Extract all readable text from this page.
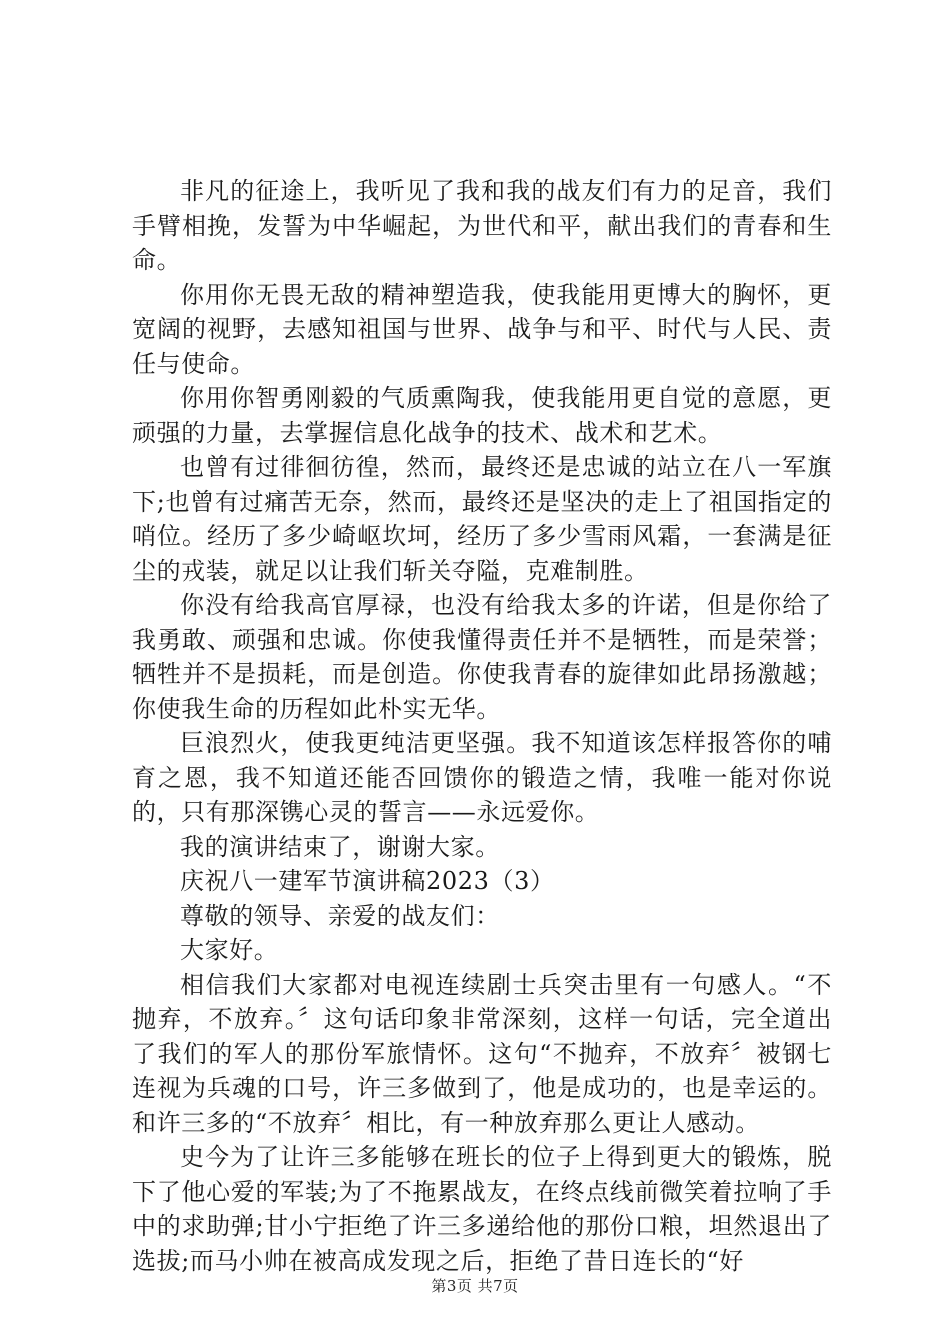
非凡的征途上，我听见了我和我的战友们有力的足音，我们手臂相挽，发誓为中华崛起，为世代和平，献出我们的青春和生命。

你用你无畏无敌的精神塑造我，使我能用更博大的胸怀，更宽阔的视野，去感知祖国与世界、战争与和平、时代与人民、责任与使命。

你用你智勇刚毅的气质熏陶我，使我能用更自觉的意愿，更顽强的力量，去掌握信息化战争的技术、战术和艺术。

也曾有过徘徊彷徨，然而，最终还是忠诚的站立在八一军旗下;也曾有过痛苦无奈，然而，最终还是坚决的走上了祖国指定的哨位。经历了多少崎岖坎坷，经历了多少雪雨风霜，一套满是征尘的戎装，就足以让我们斩关夺隘，克难制胜。

你没有给我高官厚禄，也没有给我太多的许诺，但是你给了我勇敢、顽强和忠诚。你使我懂得责任并不是牺牲，而是荣誉；牺牲并不是损耗，而是创造。你使我青春的旋律如此昂扬激越；你使我生命的历程如此朴实无华。

巨浪烈火，使我更纯洁更坚强。我不知道该怎样报答你的哺育之恩，我不知道还能否回馈你的锻造之情，我唯一能对你说的，只有那深镌心灵的誓言——永远爱你。

我的演讲结束了，谢谢大家。

庆祝八一建军节演讲稿2023（3）

尊敬的领导、亲爱的战友们：

大家好。

相信我们大家都对电视连续剧士兵突击里有一句感人。“不抛弃，不放弃。〞这句话印象非常深刻，这样一句话，完全道出了我们的军人的那份军旅情怀。这句“不抛弃，不放弃〞被钢七连视为兵魂的口号，许三多做到了，他是成功的，也是幸运的。和许三多的“不放弃〞相比，有一种放弃那么更让人感动。

史今为了让许三多能够在班长的位子上得到更大的锻炼，脱下了他心爱的军装;为了不拖累战友，在终点线前微笑着拉响了手中的求助弹;甘小宁拒绝了许三多递给他的那份口粮，坦然退出了选拔;而马小帅在被高成发现之后，拒绝了昔日连长的“好

第3页 共7页
